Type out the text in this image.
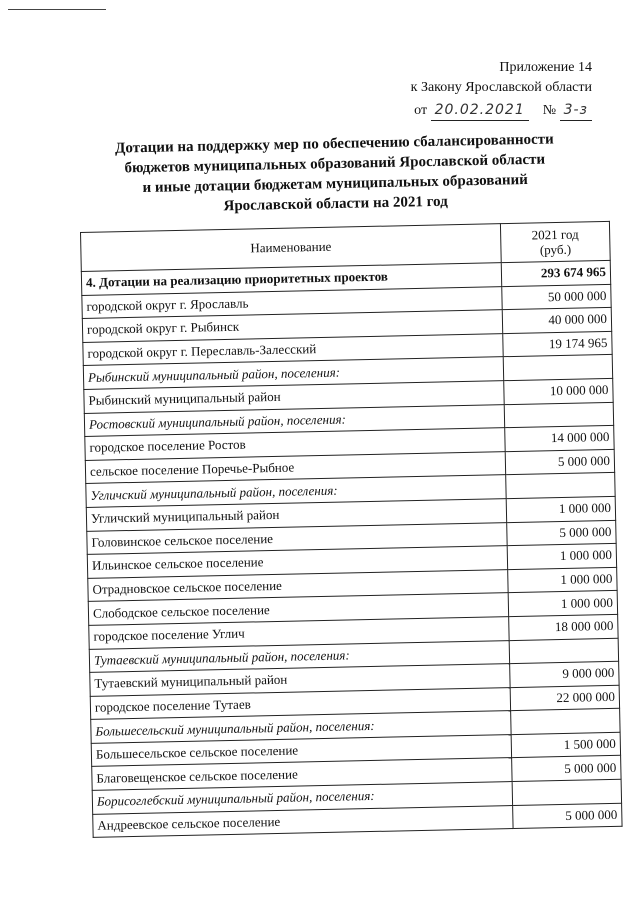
Приложение 14
к Закону Ярославской области
от 20.02.2021 № 3-з
Дотации на поддержку мер по обеспечению сбалансированности
бюджетов муниципальных образований Ярославской области
и иные дотации бюджетам муниципальных образований
Ярославской области на 2021 год
Наименование	2021 год
(руб.)

4. Дотации на реализацию приоритетных проектов	293 674 965
городской округ г. Ярославль	50 000 000
городской округ г. Рыбинск	40 000 000
городской округ г. Переславль-Залесский	19 174 965
Рыбинский муниципальный район, поселения:	
Рыбинский муниципальный район	10 000 000
Ростовский муниципальный район, поселения:	
городское поселение Ростов	14 000 000
сельское поселение Поречье-Рыбное	5 000 000
Угличский муниципальный район, поселения:	
Угличский муниципальный район	1 000 000
Головинское сельское поселение	5 000 000
Ильинское сельское поселение	1 000 000
Отрадновское сельское поселение	1 000 000
Слободское сельское поселение	1 000 000
городское поселение Углич	18 000 000
Тутаевский муниципальный район, поселения:	
Тутаевский муниципальный район	9 000 000
городское поселение Тутаев	22 000 000
Большесельский муниципальный район, поселения:	
Большесельское сельское поселение	1 500 000
Благовещенское сельское поселение	5 000 000
Борисоглебский муниципальный район, поселения:	
Андреевское сельское поселение	5 000 000
